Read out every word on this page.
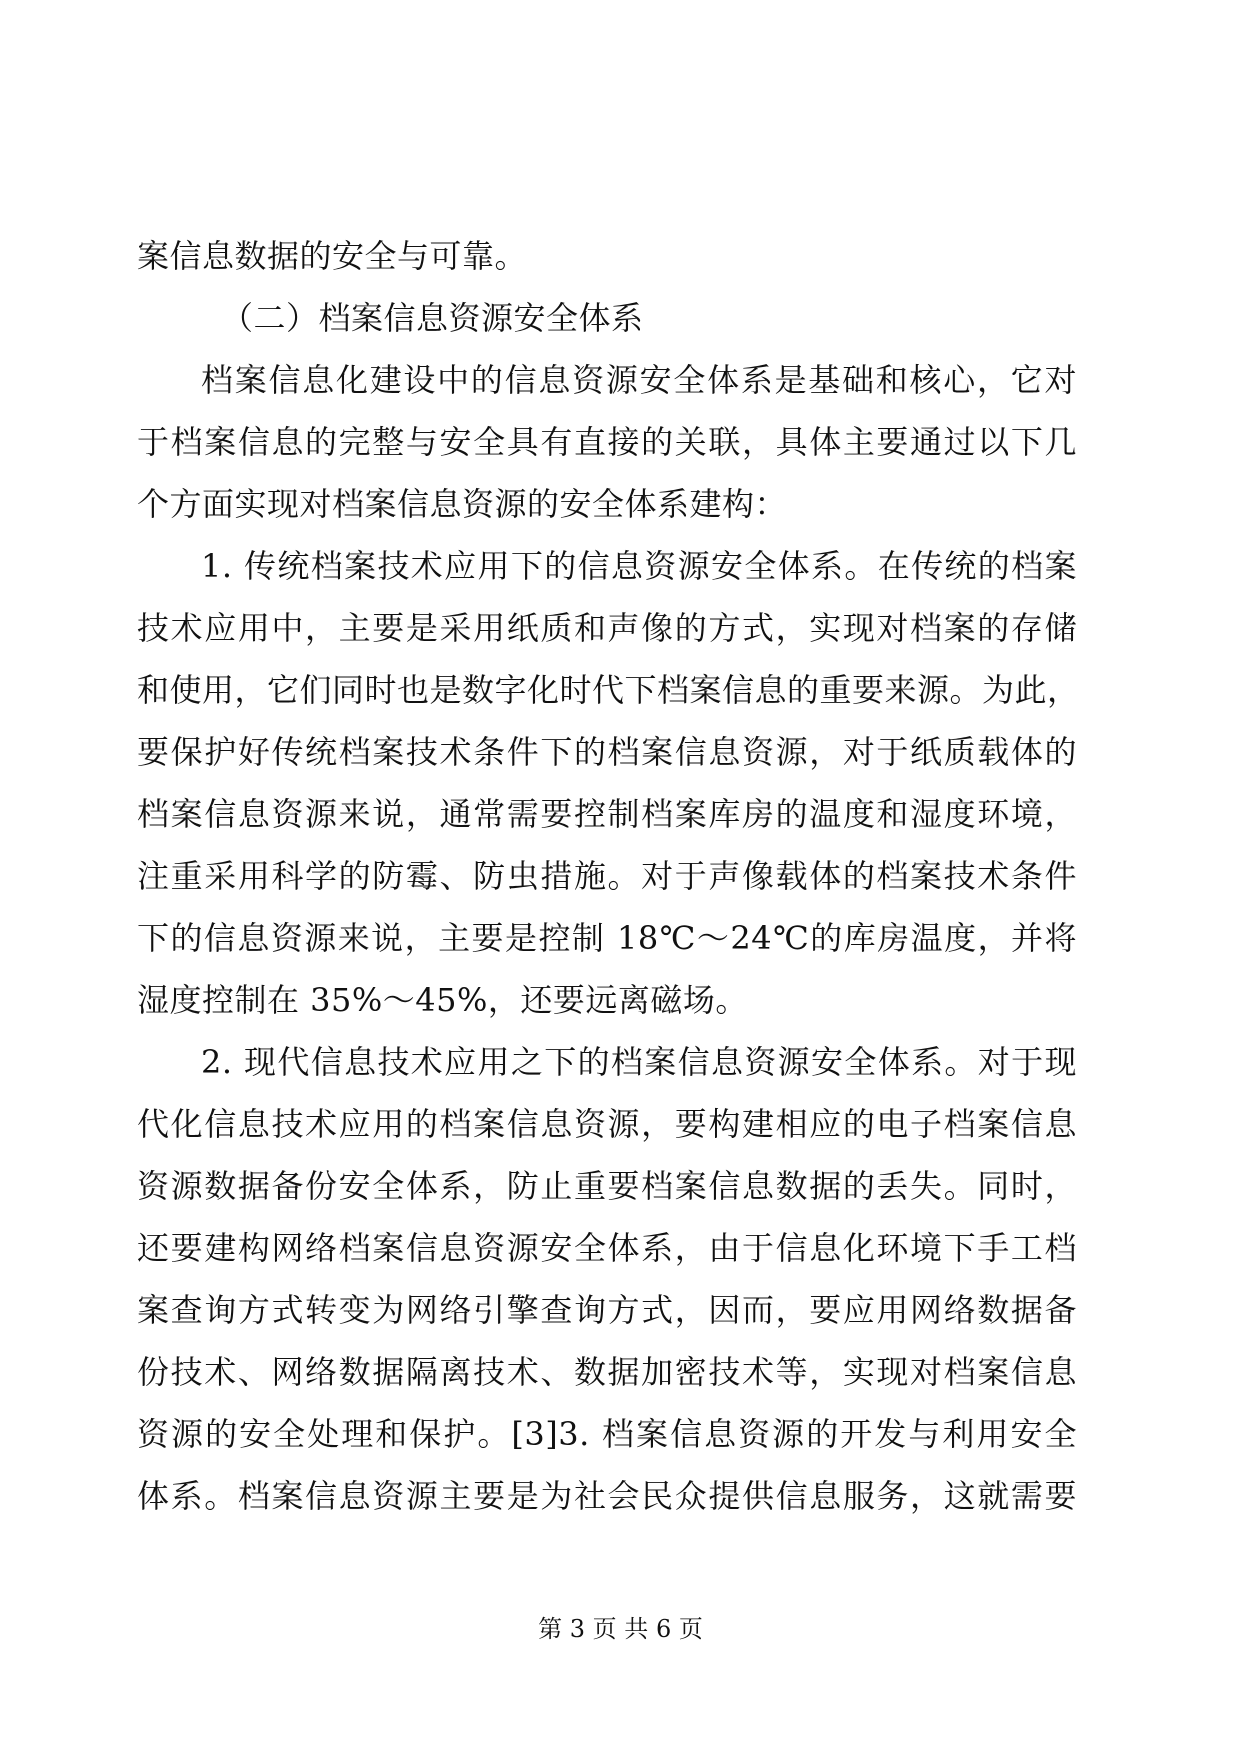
案信息数据的安全与可靠。
（二）档案信息资源安全体系
档案信息化建设中的信息资源安全体系是基础和核心，它对
于档案信息的完整与安全具有直接的关联，具体主要通过以下几
个方面实现对档案信息资源的安全体系建构：
1. 传统档案技术应用下的信息资源安全体系。在传统的档案
技术应用中，主要是采用纸质和声像的方式，实现对档案的存储
和使用，它们同时也是数字化时代下档案信息的重要来源。为此，
要保护好传统档案技术条件下的档案信息资源，对于纸质载体的
档案信息资源来说，通常需要控制档案库房的温度和湿度环境，
注重采用科学的防霉、防虫措施。对于声像载体的档案技术条件
下的信息资源来说，主要是控制 18℃～24℃的库房温度，并将
湿度控制在 35%～45%，还要远离磁场。
2. 现代信息技术应用之下的档案信息资源安全体系。对于现
代化信息技术应用的档案信息资源，要构建相应的电子档案信息
资源数据备份安全体系，防止重要档案信息数据的丢失。同时，
还要建构网络档案信息资源安全体系，由于信息化环境下手工档
案查询方式转变为网络引擎查询方式，因而，要应用网络数据备
份技术、网络数据隔离技术、数据加密技术等，实现对档案信息
资源的安全处理和保护。[3]3. 档案信息资源的开发与利用安全
体系。档案信息资源主要是为社会民众提供信息服务，这就需要
第 3 页 共 6 页
